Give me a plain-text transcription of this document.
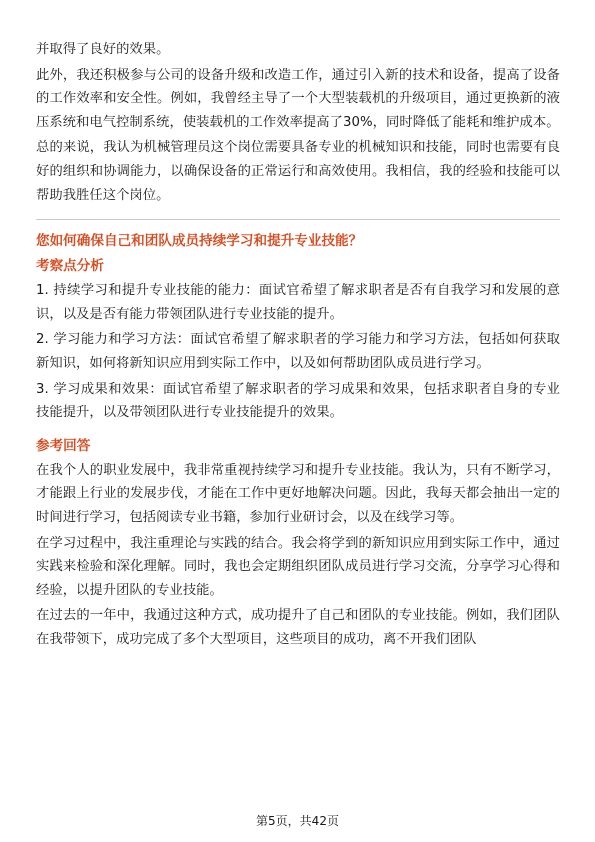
并取得了良好的效果。

此外，我还积极参与公司的设备升级和改造工作，通过引入新的技术和设备，提高了设备的工作效率和安全性。例如，我曾经主导了一个大型装载机的升级项目，通过更换新的液压系统和电气控制系统，使装载机的工作效率提高了30%，同时降低了能耗和维护成本。

总的来说，我认为机械管理员这个岗位需要具备专业的机械知识和技能，同时也需要有良好的组织和协调能力，以确保设备的正常运行和高效使用。我相信，我的经验和技能可以帮助我胜任这个岗位。

您如何确保自己和团队成员持续学习和提升专业技能？
考察点分析

1. 持续学习和提升专业技能的能力：面试官希望了解求职者是否有自我学习和发展的意识，以及是否有能力带领团队进行专业技能的提升。

2. 学习能力和学习方法：面试官希望了解求职者的学习能力和学习方法，包括如何获取新知识，如何将新知识应用到实际工作中，以及如何帮助团队成员进行学习。

3. 学习成果和效果：面试官希望了解求职者的学习成果和效果，包括求职者自身的专业技能提升，以及带领团队进行专业技能提升的效果。

参考回答

在我个人的职业发展中，我非常重视持续学习和提升专业技能。我认为，只有不断学习，才能跟上行业的发展步伐，才能在工作中更好地解决问题。因此，我每天都会抽出一定的时间进行学习，包括阅读专业书籍，参加行业研讨会，以及在线学习等。

在学习过程中，我注重理论与实践的结合。我会将学到的新知识应用到实际工作中，通过实践来检验和深化理解。同时，我也会定期组织团队成员进行学习交流，分享学习心得和经验，以提升团队的专业技能。

在过去的一年中，我通过这种方式，成功提升了自己和团队的专业技能。例如，我们团队在我带领下，成功完成了多个大型项目，这些项目的成功，离不开我们团队

第5页，共42页
